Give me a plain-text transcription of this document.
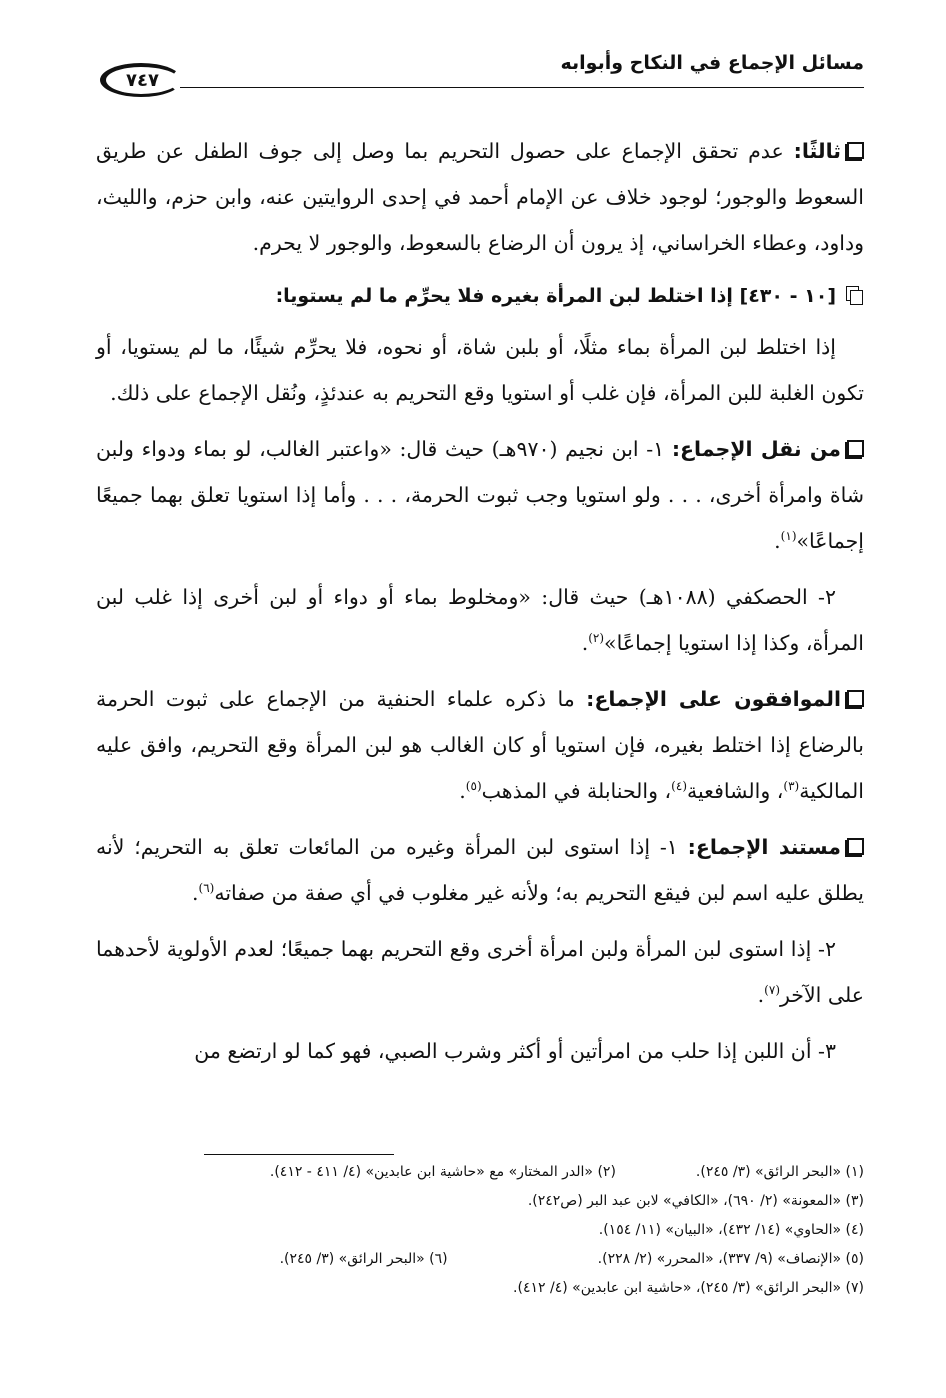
مسائل الإجماع في النكاح وأبوابه
٧٤٧

ثالثًا: عدم تحقق الإجماع على حصول التحريم بما وصل إلى جوف الطفل عن طريق السعوط والوجور؛ لوجود خلاف عن الإمام أحمد في إحدى الروايتين عنه، وابن حزم، والليث، وداود، وعطاء الخراساني، إذ يرون أن الرضاع بالسعوط، والوجور لا يحرم.

[١٠ - ٤٣٠] إذا اختلط لبن المرأة بغيره فلا يحرِّم ما لم يستويا:

إذا اختلط لبن المرأة بماء مثلًا، أو بلبن شاة، أو نحوه، فلا يحرِّم شيئًا، ما لم يستويا، أو تكون الغلبة للبن المرأة، فإن غلب أو استويا وقع التحريم به عندئذٍ، ونُقل الإجماع على ذلك.

من نقل الإجماع: ١- ابن نجيم (٩٧٠هـ) حيث قال: «واعتبر الغالب، لو بماء ودواء ولبن شاة وامرأة أخرى، . . . ولو استويا وجب ثبوت الحرمة، . . . وأما إذا استويا تعلق بهما جميعًا إجماعًا»$^{(١)}$.

٢- الحصكفي (١٠٨٨هـ) حيث قال: «ومخلوط بماء أو دواء أو لبن أخرى إذا غلب لبن المرأة، وكذا إذا استويا إجماعًا»$^{(٢)}$.

الموافقون على الإجماع: ما ذكره علماء الحنفية من الإجماع على ثبوت الحرمة بالرضاع إذا اختلط بغيره، فإن استويا أو كان الغالب هو لبن المرأة وقع التحريم، وافق عليه المالكية$^{(٣)}$، والشافعية$^{(٤)}$، والحنابلة في المذهب$^{(٥)}$.

مستند الإجماع: ١- إذا استوى لبن المرأة وغيره من المائعات تعلق به التحريم؛ لأنه يطلق عليه اسم لبن فيقع التحريم به؛ ولأنه غير مغلوب في أي صفة من صفاته$^{(٦)}$.

٢- إذا استوى لبن المرأة ولبن امرأة أخرى وقع التحريم بهما جميعًا؛ لعدم الأولوية لأحدهما على الآخر$^{(٧)}$.

٣- أن اللبن إذا حلب من امرأتين أو أكثر وشرب الصبي، فهو كما لو ارتضع من

(١) «البحر الرائق» (٣/ ٢٤٥).
(٢) «الدر المختار» مع «حاشية ابن عابدين» (٤/ ٤١١ - ٤١٢).
(٣) «المعونة» (٢/ ٦٩٠)، «الكافي» لابن عبد البر (ص٢٤٢).
(٤) «الحاوي» (١٤/ ٤٣٢)، «البيان» (١١/ ١٥٤).
(٥) «الإنصاف» (٩/ ٣٣٧)، «المحرر» (٢/ ٢٢٨).
(٦) «البحر الرائق» (٣/ ٢٤٥).
(٧) «البحر الرائق» (٣/ ٢٤٥)، «حاشية ابن عابدين» (٤/ ٤١٢).
